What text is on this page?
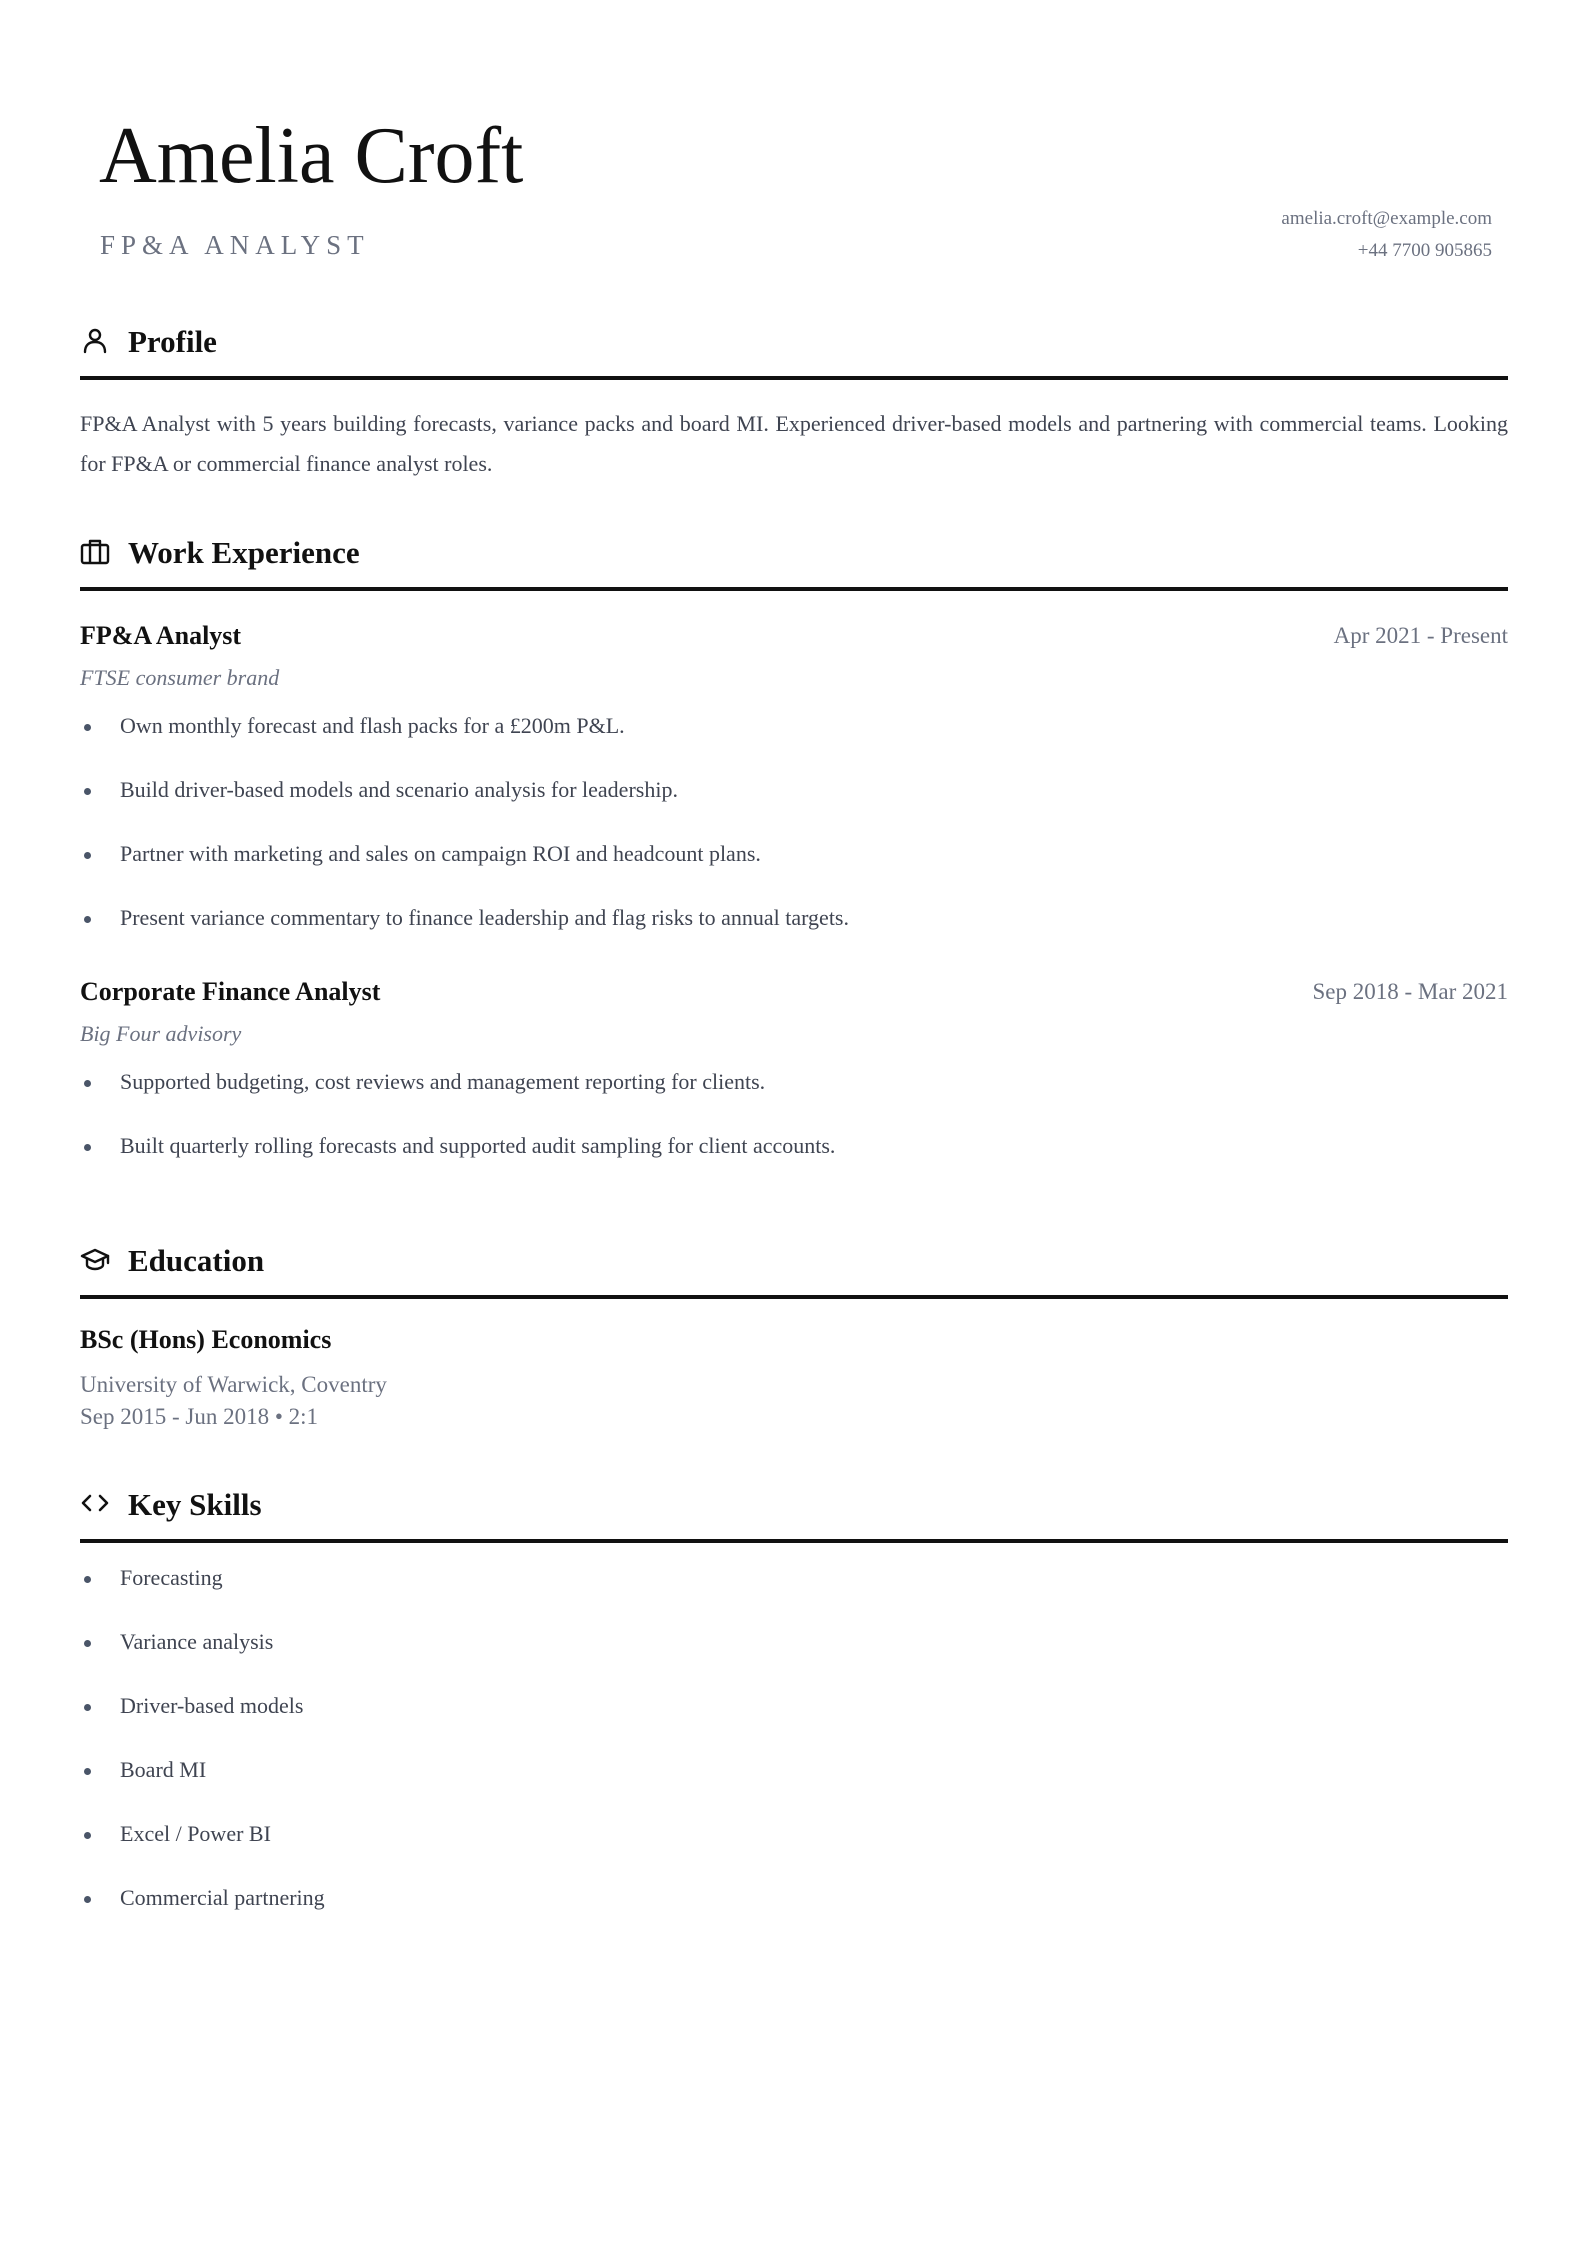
Amelia Croft
FP&A ANALYST
amelia.croft@example.com
+44 7700 905865
Profile
FP&A Analyst with 5 years building forecasts, variance packs and board MI. Experienced driver-based models and partnering with commercial teams. Looking for FP&A or commercial finance analyst roles.
Work Experience
FP&A Analyst	Apr 2021 - Present
FTSE consumer brand
Own monthly forecast and flash packs for a £200m P&L.
Build driver-based models and scenario analysis for leadership.
Partner with marketing and sales on campaign ROI and headcount plans.
Present variance commentary to finance leadership and flag risks to annual targets.
Corporate Finance Analyst	Sep 2018 - Mar 2021
Big Four advisory
Supported budgeting, cost reviews and management reporting for clients.
Built quarterly rolling forecasts and supported audit sampling for client accounts.
Education
BSc (Hons) Economics
University of Warwick, Coventry
Sep 2015 - Jun 2018 • 2:1
Key Skills
Forecasting
Variance analysis
Driver-based models
Board MI
Excel / Power BI
Commercial partnering
